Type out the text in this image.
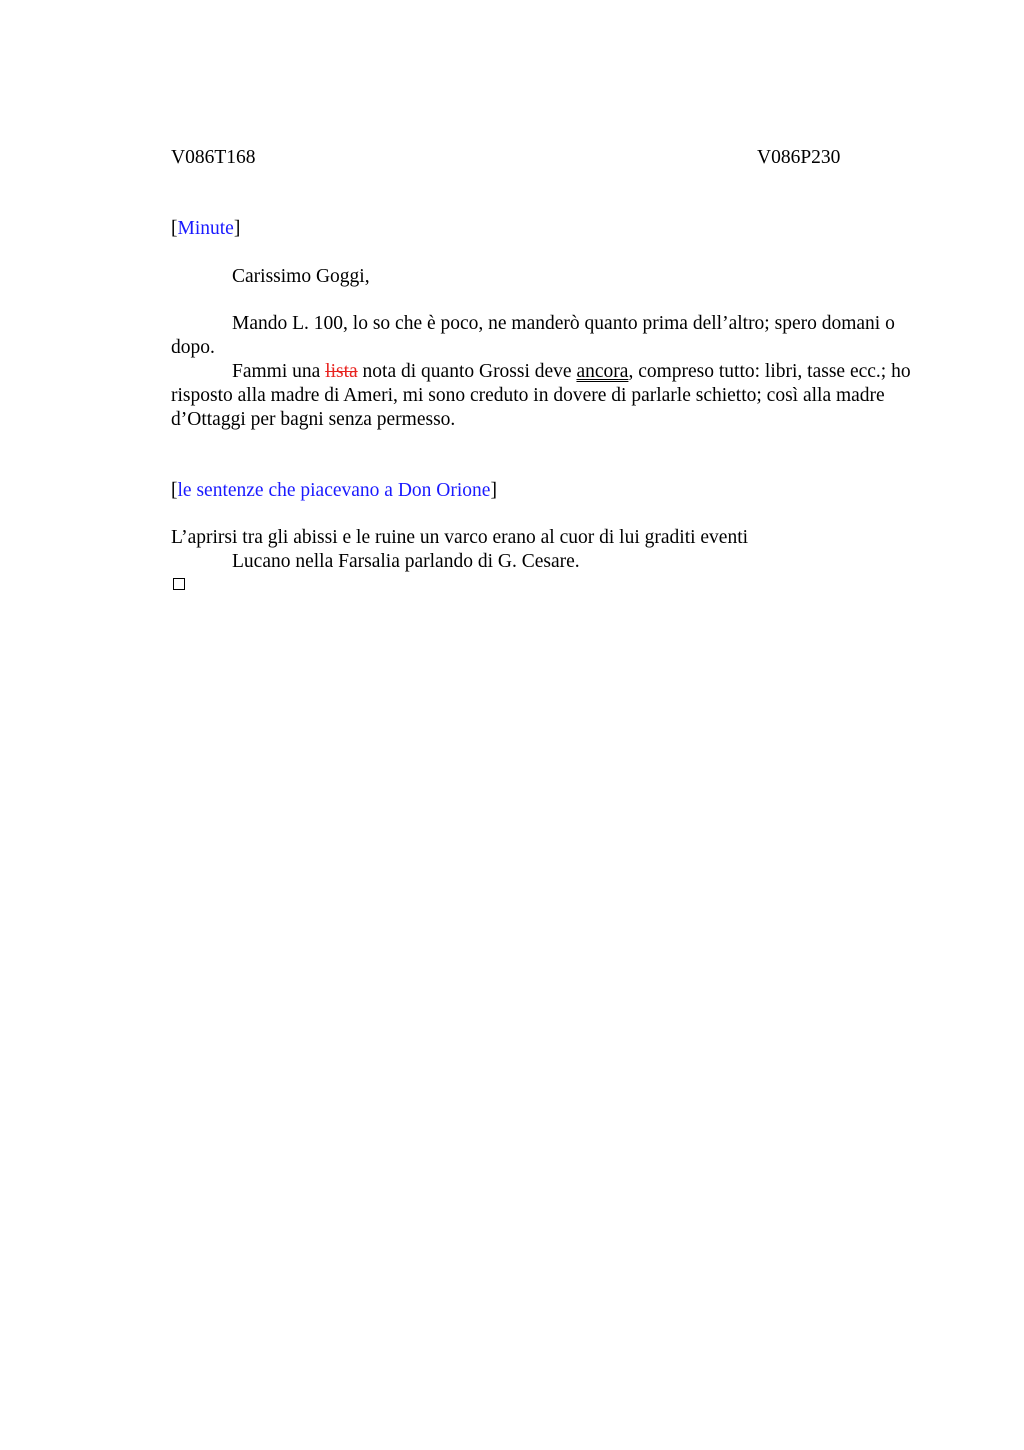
V086T168	V086P230
[Minute]
Carissimo Goggi,
Mando L. 100, lo so che è poco, ne manderò quanto prima dell’altro; spero domani o dopo.
Fammi una lista nota di quanto Grossi deve ancora, compreso tutto: libri, tasse ecc.; ho risposto alla madre di Ameri, mi sono creduto in dovere di parlarle schietto; così alla madre d’Ottaggi per bagni senza permesso.
[le sentenze che piacevano a Don Orione]
L’aprirsi tra gli abissi e le ruine un varco erano al cuor di lui graditi eventi
Lucano nella Farsalia parlando di G. Cesare.
